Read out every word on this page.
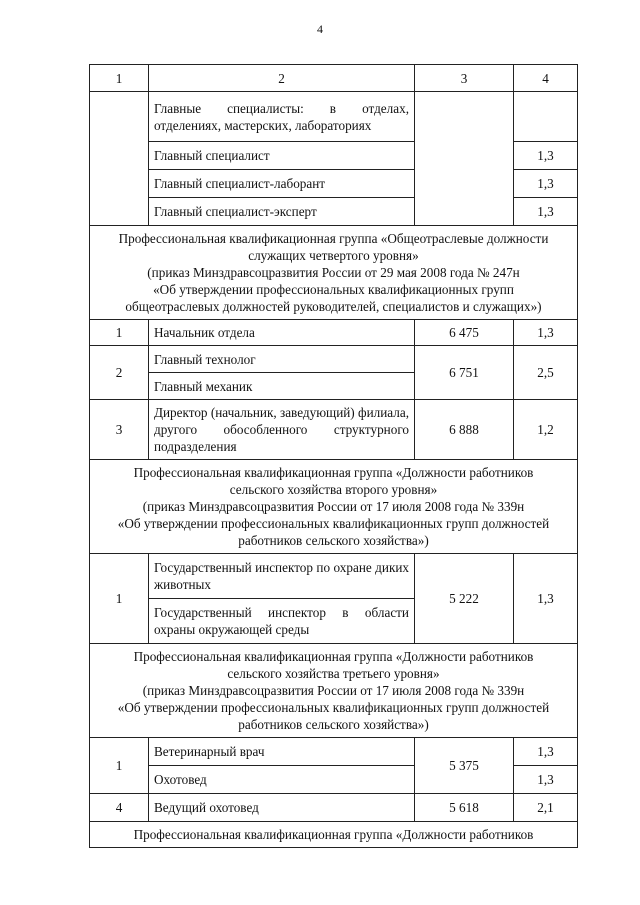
4
1	2	3	4
	Главные специалисты: в отделах, отделениях, мастерских, лабораториях		
	Главный специалист		1,3
	Главный специалист-лаборант		1,3
	Главный специалист-эксперт		1,3

Профессиональная квалификационная группа «Общеотраслевые должности
служащих четвертого уровня»
(приказ Минздравсоцразвития России от 29 мая 2008 года № 247н
«Об утверждении профессиональных квалификационных групп
общеотраслевых должностей руководителей, специалистов и служащих»)			

1	Начальник отдела	6 475	1,3
2	Главный технолог	6 751	2,5
	Главный механик		
3	Директор (начальник, заведующий) филиала, другого обособленного структурного подразделения	6 888	1,2

Профессиональная квалификационная группа «Должности работников
сельского хозяйства второго уровня»
(приказ Минздравсоцразвития России от 17 июля 2008 года № 339н
«Об утверждении профессиональных квалификационных групп должностей
работников сельского хозяйства»)			

1	Государственный инспектор по охране диких животных	5 222	1,3
	Государственный инспектор в области охраны окружающей среды		

Профессиональная квалификационная группа «Должности работников
сельского хозяйства третьего уровня»
(приказ Минздравсоцразвития России от 17 июля 2008 года № 339н
«Об утверждении профессиональных квалификационных групп должностей
работников сельского хозяйства»)			

1	Ветеринарный врач	5 375	1,3
	Охотовед		1,3
4	Ведущий охотовед	5 618	2,1

Профессиональная квалификационная группа «Должности работников			
